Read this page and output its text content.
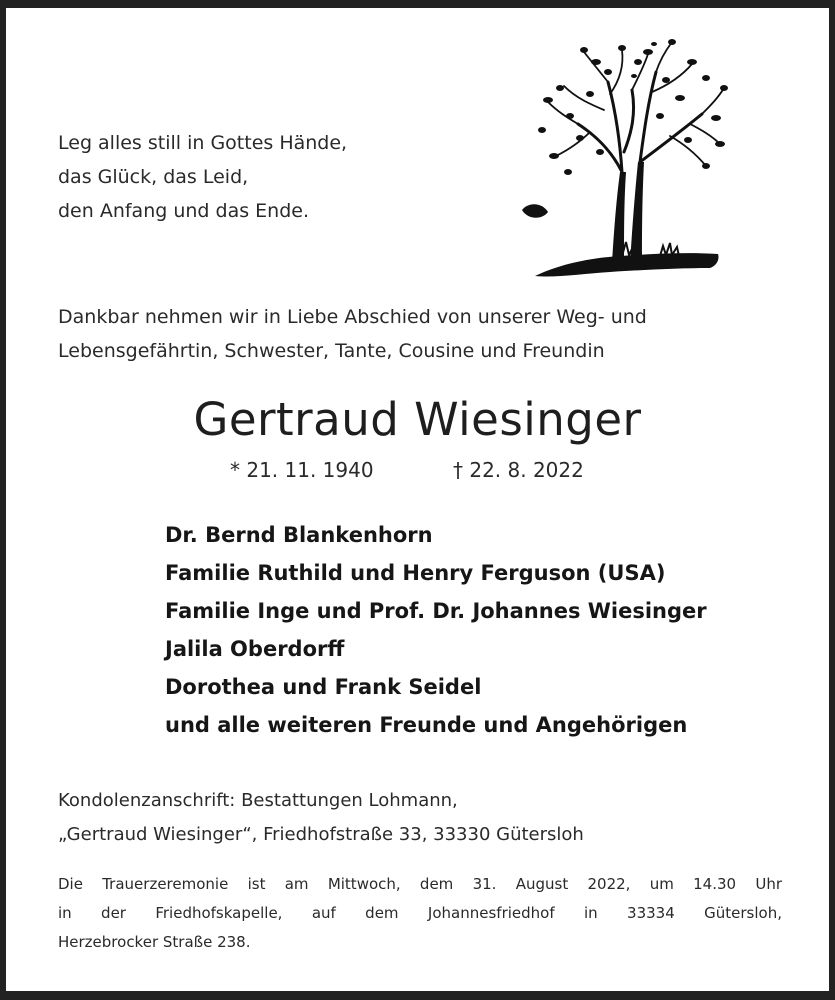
Leg alles still in Gottes Hände,
das Glück, das Leid,
den Anfang und das Ende.
Dankbar nehmen wir in Liebe Abschied von unserer Weg- und
Lebensgefährtin, Schwester, Tante, Cousine und Freundin
Gertraud Wiesinger
* 21. 11. 1940	† 22. 8. 2022
Dr. Bernd Blankenhorn
Familie Ruthild und Henry Ferguson (USA)
Familie Inge und Prof. Dr. Johannes Wiesinger
Jalila Oberdorff
Dorothea und Frank Seidel
und alle weiteren Freunde und Angehörigen
Kondolenzanschrift: Bestattungen Lohmann,
„Gertraud Wiesinger“, Friedhofstraße 33, 33330 Gütersloh
Die Trauerzeremonie ist am Mittwoch, dem 31. August 2022, um 14.30 Uhr
in der Friedhofskapelle, auf dem Johannesfriedhof in 33334 Gütersloh,
Herzebrocker Straße 238.
